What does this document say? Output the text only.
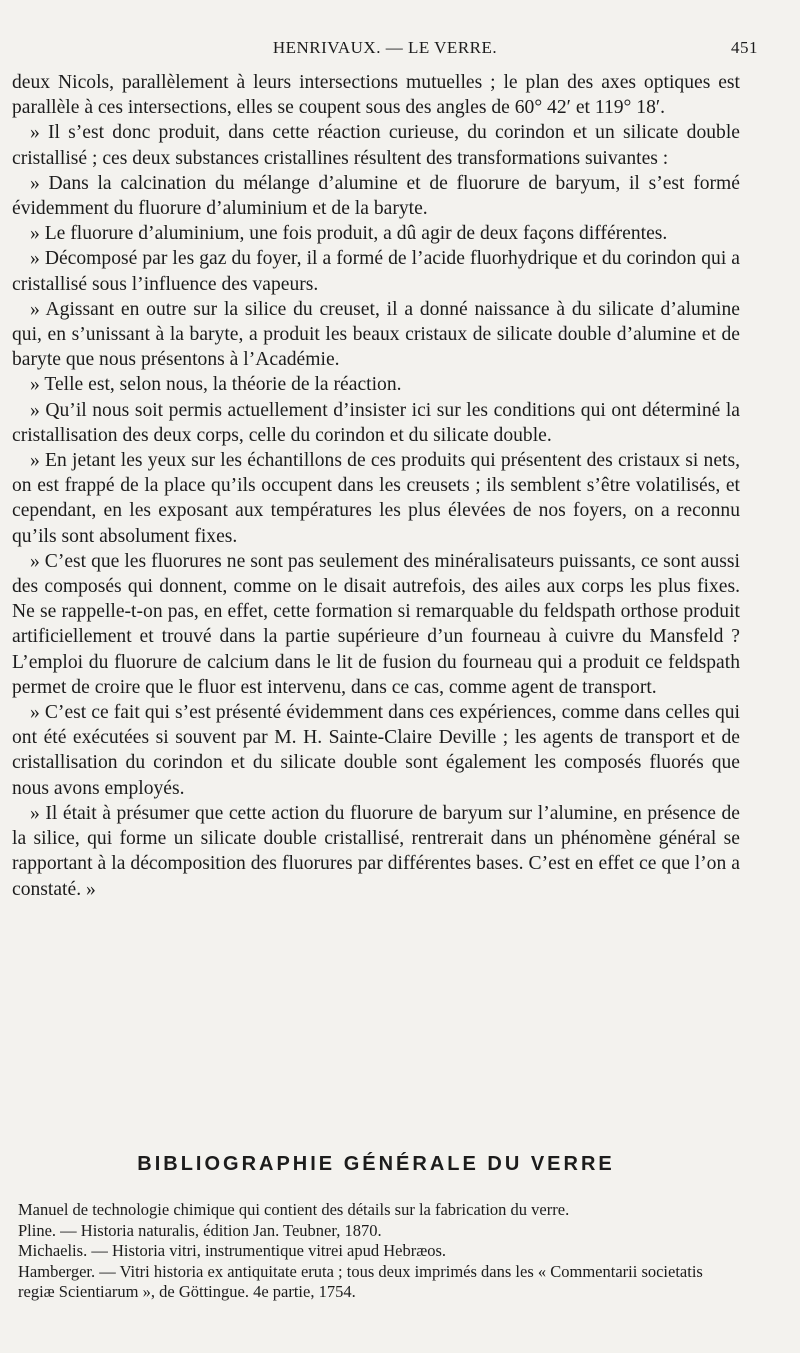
HENRIVAUX. — LE VERRE.	451

deux Nicols, parallèlement à leurs intersections mutuelles ; le plan des axes optiques est parallèle à ces intersections, elles se coupent sous des angles de 60° 42′ et 119° 18′.

» Il s’est donc produit, dans cette réaction curieuse, du corindon et un silicate double cristallisé ; ces deux substances cristallines résultent des transformations suivantes :

» Dans la calcination du mélange d’alumine et de fluorure de baryum, il s’est formé évidemment du fluorure d’aluminium et de la baryte.

» Le fluorure d’aluminium, une fois produit, a dû agir de deux façons différentes.

» Décomposé par les gaz du foyer, il a formé de l’acide fluorhydrique et du corindon qui a cristallisé sous l’influence des vapeurs.

» Agissant en outre sur la silice du creuset, il a donné naissance à du silicate d’alumine qui, en s’unissant à la baryte, a produit les beaux cristaux de silicate double d’alumine et de baryte que nous présentons à l’Académie.

» Telle est, selon nous, la théorie de la réaction.

» Qu’il nous soit permis actuellement d’insister ici sur les conditions qui ont déterminé la cristallisation des deux corps, celle du corindon et du silicate double.

» En jetant les yeux sur les échantillons de ces produits qui présentent des cristaux si nets, on est frappé de la place qu’ils occupent dans les creusets ; ils semblent s’être volatilisés, et cependant, en les exposant aux températures les plus élevées de nos foyers, on a reconnu qu’ils sont absolument fixes.

» C’est que les fluorures ne sont pas seulement des minéralisateurs puissants, ce sont aussi des composés qui donnent, comme on le disait autrefois, des ailes aux corps les plus fixes. Ne se rappelle-t-on pas, en effet, cette formation si remarquable du feldspath orthose produit artificiellement et trouvé dans la partie supérieure d’un fourneau à cuivre du Mansfeld ? L’emploi du fluorure de calcium dans le lit de fusion du fourneau qui a produit ce feldspath permet de croire que le fluor est intervenu, dans ce cas, comme agent de transport.

» C’est ce fait qui s’est présenté évidemment dans ces expériences, comme dans celles qui ont été exécutées si souvent par M. H. Sainte-Claire Deville ; les agents de transport et de cristallisation du corindon et du silicate double sont également les composés fluorés que nous avons employés.

» Il était à présumer que cette action du fluorure de baryum sur l’alumine, en présence de la silice, qui forme un silicate double cristallisé, rentrerait dans un phénomène général se rapportant à la décomposition des fluorures par différentes bases. C’est en effet ce que l’on a constaté. »

BIBLIOGRAPHIE GÉNÉRALE DU VERRE

Manuel de technologie chimique qui contient des détails sur la fabrication du verre.

Pline. — Historia naturalis, édition Jan. Teubner, 1870.

Michaelis. — Historia vitri, instrumentique vitrei apud Hebræos.

Hamberger. — Vitri historia ex antiquitate eruta ; tous deux imprimés dans les « Commentarii societatis regiæ Scientiarum », de Göttingue. 4e partie, 1754.
